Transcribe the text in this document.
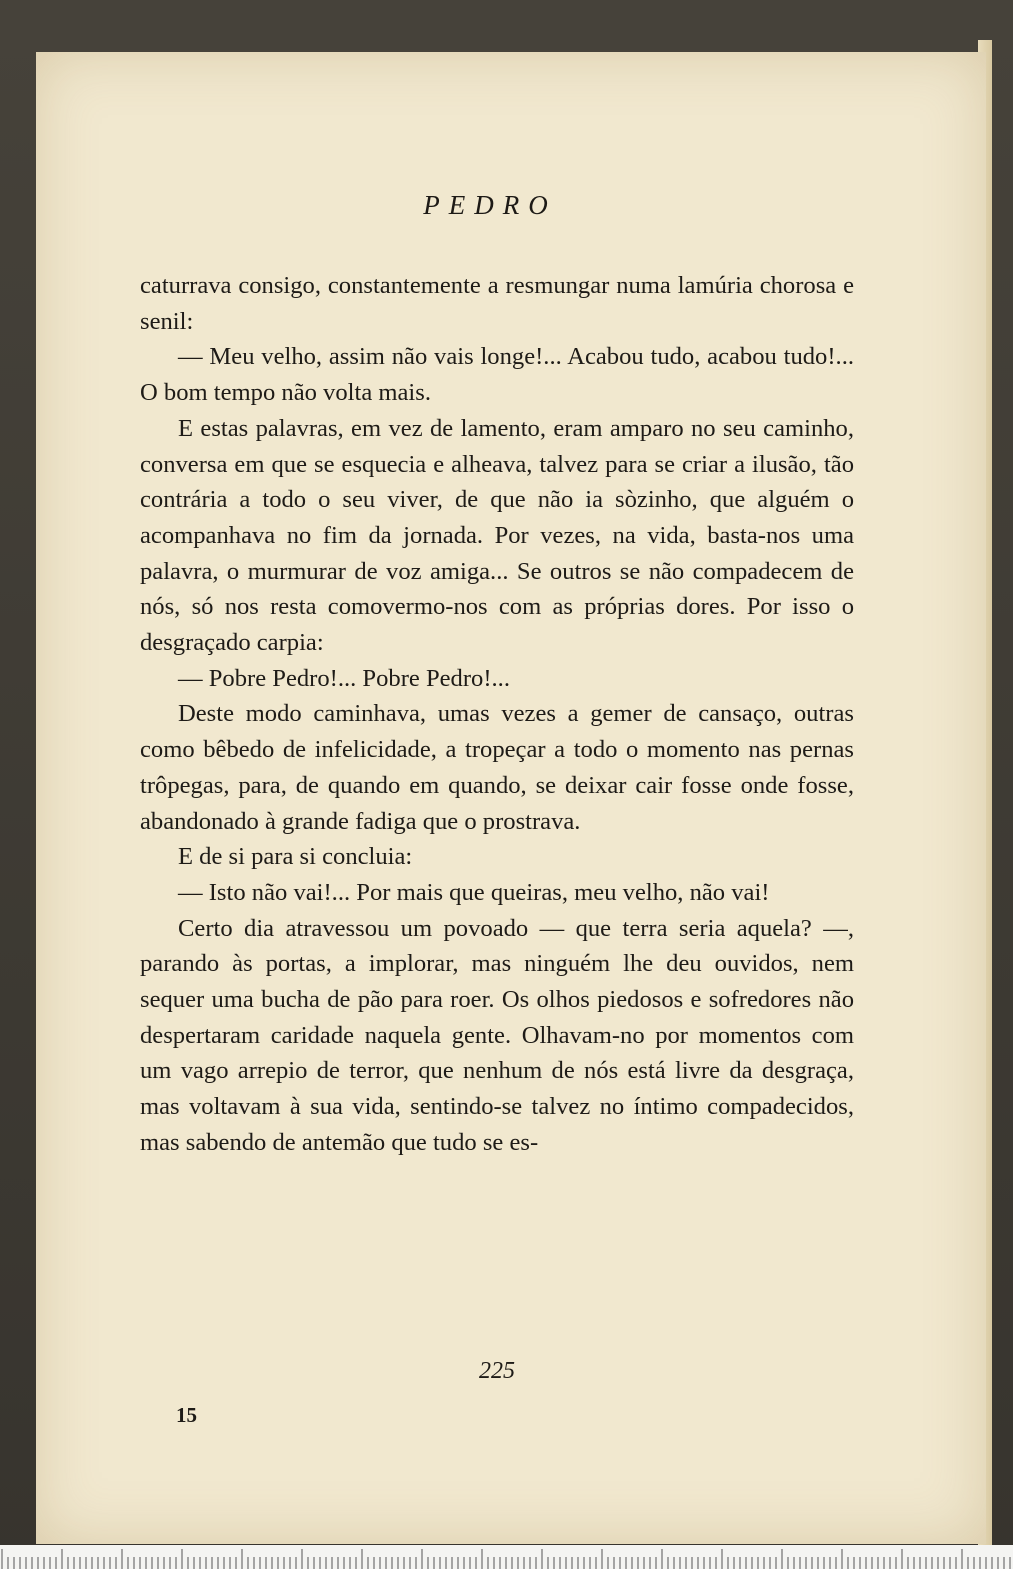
PEDRO

caturrava consigo, constantemente a resmungar numa lamúria chorosa e senil:

— Meu velho, assim não vais longe!... Acabou tudo, acabou tudo!... O bom tempo não volta mais.

E estas palavras, em vez de lamento, eram amparo no seu caminho, conversa em que se esquecia e alheava, talvez para se criar a ilusão, tão contrária a todo o seu viver, de que não ia sòzinho, que alguém o acompanhava no fim da jornada. Por vezes, na vida, basta-nos uma palavra, o murmurar de voz amiga... Se outros se não compadecem de nós, só nos resta comovermo-nos com as próprias dores. Por isso o desgraçado carpia:

— Pobre Pedro!... Pobre Pedro!...

Deste modo caminhava, umas vezes a gemer de cansaço, outras como bêbedo de infelicidade, a tropeçar a todo o momento nas pernas trôpegas, para, de quando em quando, se deixar cair fosse onde fosse, abandonado à grande fadiga que o prostrava.

E de si para si concluia:

— Isto não vai!... Por mais que queiras, meu velho, não vai!

Certo dia atravessou um povoado — que terra seria aquela? —, parando às portas, a implorar, mas ninguém lhe deu ouvidos, nem sequer uma bucha de pão para roer. Os olhos piedosos e sofredores não despertaram caridade naquela gente. Olhavam-no por momentos com um vago arrepio de terror, que nenhum de nós está livre da desgraça, mas voltavam à sua vida, sentindo-se talvez no íntimo compadecidos, mas sabendo de antemão que tudo se es-

225
15
